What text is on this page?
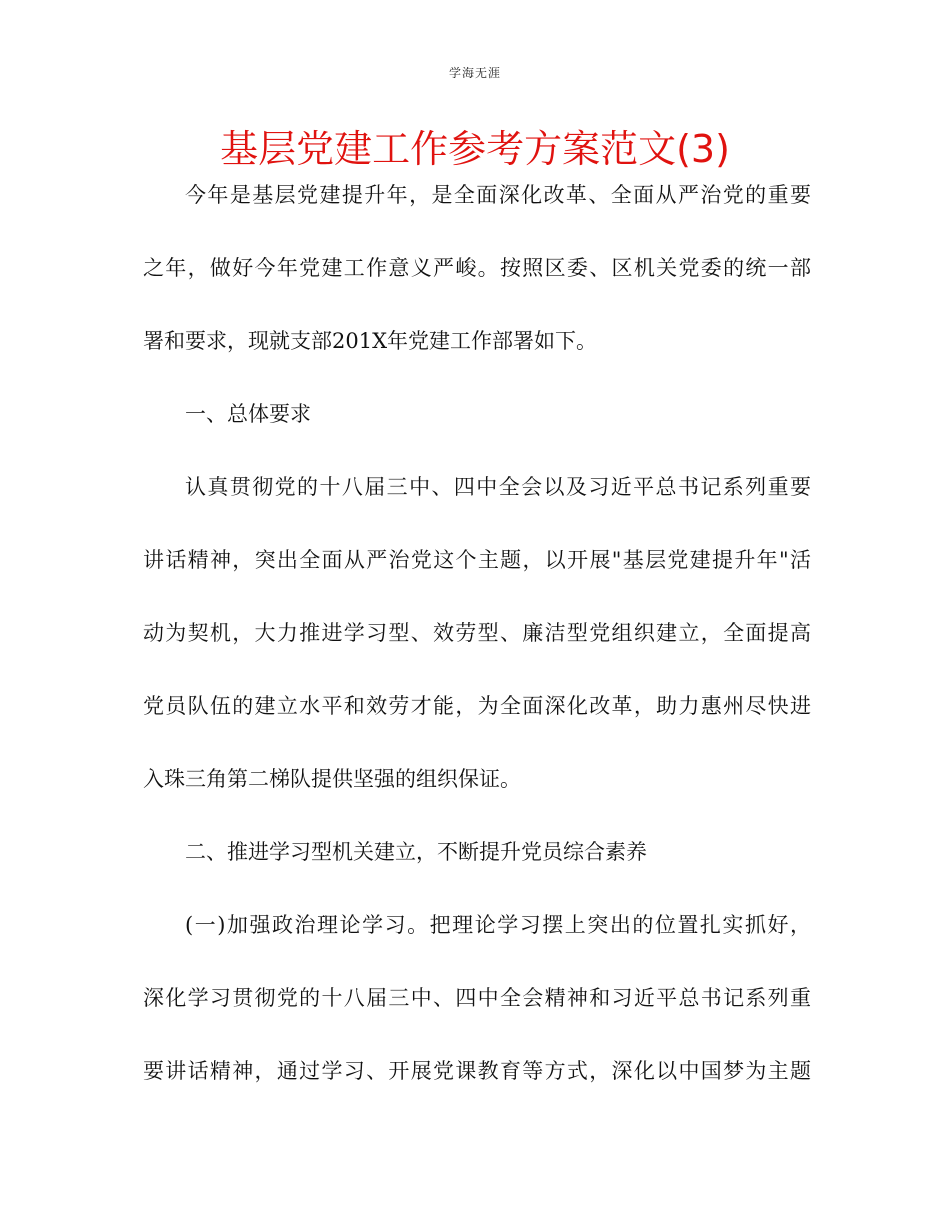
学海无涯
基层党建工作参考方案范文(3)
今年是基层党建提升年，是全面深化改革、全面从严治党的重要
之年，做好今年党建工作意义严峻。按照区委、区机关党委的统一部
署和要求，现就支部201X年党建工作部署如下。
一、总体要求
认真贯彻党的十八届三中、四中全会以及习近平总书记系列重要
讲话精神，突出全面从严治党这个主题，以开展"基层党建提升年"活
动为契机，大力推进学习型、效劳型、廉洁型党组织建立，全面提高
党员队伍的建立水平和效劳才能，为全面深化改革，助力惠州尽快进
入珠三角第二梯队提供坚强的组织保证。
二、推进学习型机关建立，不断提升党员综合素养
(一)加强政治理论学习。把理论学习摆上突出的位置扎实抓好，
深化学习贯彻党的十八届三中、四中全会精神和习近平总书记系列重
要讲话精神，通过学习、开展党课教育等方式，深化以中国梦为主题
